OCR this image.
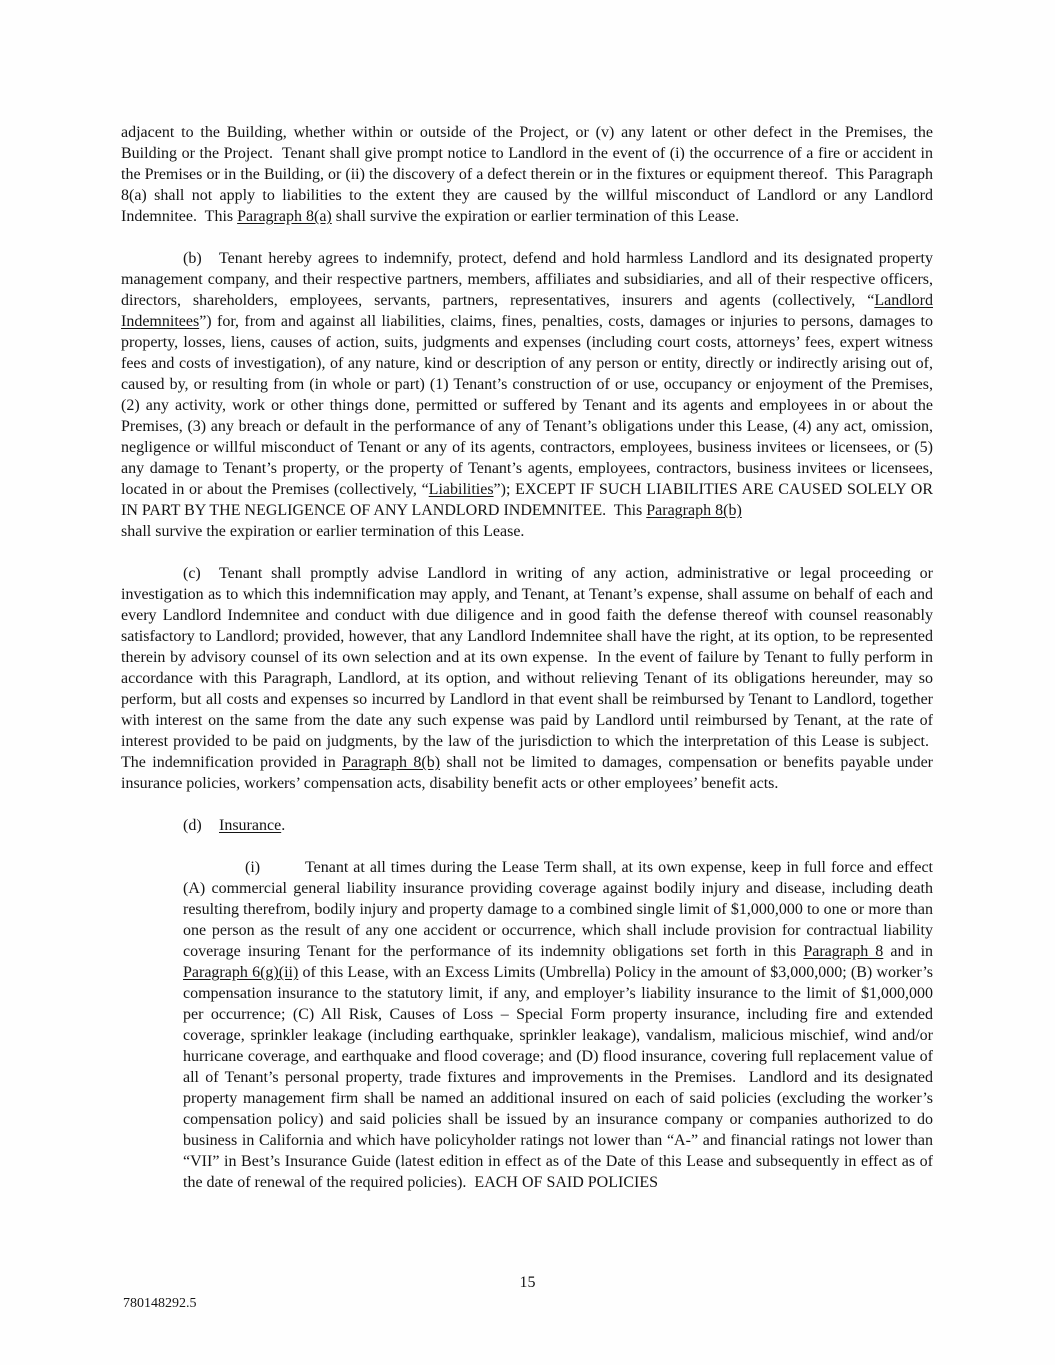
adjacent to the Building, whether within or outside of the Project, or (v) any latent or other defect in the Premises, the Building or the Project.  Tenant shall give prompt notice to Landlord in the event of (i) the occurrence of a fire or accident in the Premises or in the Building, or (ii) the discovery of a defect therein or in the fixtures or equipment thereof.  This Paragraph 8(a) shall not apply to liabilities to the extent they are caused by the willful misconduct of Landlord or any Landlord Indemnitee.  This Paragraph 8(a) shall survive the expiration or earlier termination of this Lease.

(b) Tenant hereby agrees to indemnify, protect, defend and hold harmless Landlord and its designated property management company, and their respective partners, members, affiliates and subsidiaries, and all of their respective officers, directors, shareholders, employees, servants, partners, representatives, insurers and agents (collectively, “Landlord Indemnitees”) for, from and against all liabilities, claims, fines, penalties, costs, damages or injuries to persons, damages to property, losses, liens, causes of action, suits, judgments and expenses (including court costs, attorneys’ fees, expert witness fees and costs of investigation), of any nature, kind or description of any person or entity, directly or indirectly arising out of, caused by, or resulting from (in whole or part) (1) Tenant’s construction of or use, occupancy or enjoyment of the Premises, (2) any activity, work or other things done, permitted or suffered by Tenant and its agents and employees in or about the Premises, (3) any breach or default in the performance of any of Tenant’s obligations under this Lease, (4) any act, omission, negligence or willful misconduct of Tenant or any of its agents, contractors, employees, business invitees or licensees, or (5) any damage to Tenant’s property, or the property of Tenant’s agents, employees, contractors, business invitees or licensees, located in or about the Premises (collectively, “Liabilities”); EXCEPT IF SUCH LIABILITIES ARE CAUSED SOLELY OR IN PART BY THE NEGLIGENCE OF ANY LANDLORD INDEMNITEE.  This Paragraph 8(b)
shall survive the expiration or earlier termination of this Lease.

(c) Tenant shall promptly advise Landlord in writing of any action, administrative or legal proceeding or investigation as to which this indemnification may apply, and Tenant, at Tenant’s expense, shall assume on behalf of each and every Landlord Indemnitee and conduct with due diligence and in good faith the defense thereof with counsel reasonably satisfactory to Landlord; provided, however, that any Landlord Indemnitee shall have the right, at its option, to be represented therein by advisory counsel of its own selection and at its own expense.  In the event of failure by Tenant to fully perform in accordance with this Paragraph, Landlord, at its option, and without relieving Tenant of its obligations hereunder, may so perform, but all costs and expenses so incurred by Landlord in that event shall be reimbursed by Tenant to Landlord, together with interest on the same from the date any such expense was paid by Landlord until reimbursed by Tenant, at the rate of interest provided to be paid on judgments, by the law of the jurisdiction to which the interpretation of this Lease is subject.  The indemnification provided in Paragraph 8(b) shall not be limited to damages, compensation or benefits payable under insurance policies, workers’ compensation acts, disability benefit acts or other employees’ benefit acts.

(d) Insurance.

(i)	Tenant at all times during the Lease Term shall, at its own expense, keep in full force and effect (A) commercial general liability insurance providing coverage against bodily injury and disease, including death resulting therefrom, bodily injury and property damage to a combined single limit of $1,000,000 to one or more than one person as the result of any one accident or occurrence, which shall include provision for contractual liability coverage insuring Tenant for the performance of its indemnity obligations set forth in this Paragraph 8 and in Paragraph 6(g)(ii) of this Lease, with an Excess Limits (Umbrella) Policy in the amount of $3,000,000; (B) worker’s compensation insurance to the statutory limit, if any, and employer’s liability insurance to the limit of $1,000,000 per occurrence; (C) All Risk, Causes of Loss – Special Form property insurance, including fire and extended coverage, sprinkler leakage (including earthquake, sprinkler leakage), vandalism, malicious mischief, wind and/or hurricane coverage, and earthquake and flood coverage; and (D) flood insurance, covering full replacement value of all of Tenant’s personal property, trade fixtures and improvements in the Premises.  Landlord and its designated property management firm shall be named an additional insured on each of said policies (excluding the worker’s compensation policy) and said policies shall be issued by an insurance company or companies authorized to do business in California and which have policyholder ratings not lower than “A-” and financial ratings not lower than “VII” in Best’s Insurance Guide (latest edition in effect as of the Date of this Lease and subsequently in effect as of the date of renewal of the required policies).  EACH OF SAID POLICIES

15
780148292.5
